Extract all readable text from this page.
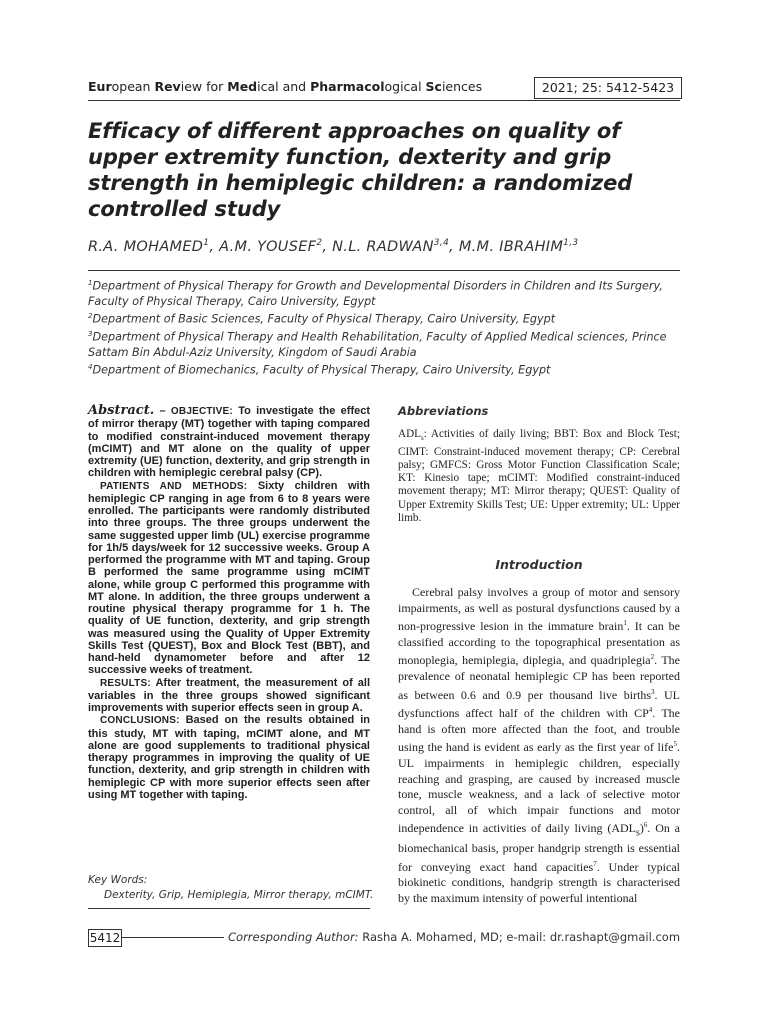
European Review for Medical and Pharmacological Sciences	2021; 25: 5412-5423
Efficacy of different approaches on quality of upper extremity function, dexterity and grip strength in hemiplegic children: a randomized controlled study
R.A. MOHAMED$^1$, A.M. YOUSEF$^2$, N.L. RADWAN$^{3,4}$, M.M. IBRAHIM$^{1,3}$

$^1$Department of Physical Therapy for Growth and Developmental Disorders in Children and Its Surgery, Faculty of Physical Therapy, Cairo University, Egypt

$^2$Department of Basic Sciences, Faculty of Physical Therapy, Cairo University, Egypt

$^3$Department of Physical Therapy and Health Rehabilitation, Faculty of Applied Medical sciences, Prince Sattam Bin Abdul-Aziz University, Kingdom of Saudi Arabia

$^4$Department of Biomechanics, Faculty of Physical Therapy, Cairo University, Egypt

Abstract. – OBJECTIVE: To investigate the effect of mirror therapy (MT) together with taping compared to modified constraint-induced movement therapy (mCIMT) and MT alone on the quality of upper extremity (UE) function, dexterity, and grip strength in children with hemiplegic cerebral palsy (CP).

PATIENTS AND METHODS: Sixty children with hemiplegic CP ranging in age from 6 to 8 years were enrolled. The participants were randomly distributed into three groups. The three groups underwent the same suggested upper limb (UL) exercise programme for 1h/5 days/week for 12 successive weeks. Group A performed the programme with MT and taping. Group B performed the same programme using mCIMT alone, while group C performed this programme with MT alone. In addition, the three groups underwent a routine physical therapy programme for 1 h. The quality of UE function, dexterity, and grip strength was measured using the Quality of Upper Extremity Skills Test (QUEST), Box and Block Test (BBT), and hand-held dynamometer before and after 12 successive weeks of treatment.

RESULTS: After treatment, the measurement of all variables in the three groups showed significant improvements with superior effects seen in group A.

CONCLUSIONS: Based on the results obtained in this study, MT with taping, mCIMT alone, and MT alone are good supplements to traditional physical therapy programmes in improving the quality of UE function, dexterity, and grip strength in children with hemiplegic CP with more superior effects seen after using MT together with taping.

Key Words:
Dexterity, Grip, Hemiplegia, Mirror therapy, mCIMT.
Abbreviations
$ADL_s$: Activities of daily living; BBT: Box and Block Test; CIMT: Constraint-induced movement therapy; CP: Cerebral palsy; GMFCS: Gross Motor Function Classification Scale; KT: Kinesio tape; mCIMT: Modified constraint-induced movement therapy; MT: Mirror therapy; QUEST: Quality of Upper Extremity Skills Test; UE: Upper extremity; UL: Upper limb.
Introduction
Cerebral palsy involves a group of motor and sensory impairments, as well as postural dysfunctions caused by a non-progressive lesion in the immature brain$^1$. It can be classified according to the topographical presentation as monoplegia, hemiplegia, diplegia, and quadriplegia$^2$. The prevalence of neonatal hemiplegic CP has been reported as between 0.6 and 0.9 per thousand live births$^3$. UL dysfunctions affect half of the children with $CP^4$. The hand is often more affected than the foot, and trouble using the hand is evident as early as the first year of life$^5$. UL impairments in hemiplegic children, especially reaching and grasping, are caused by increased muscle tone, muscle weakness, and a lack of selective motor control, all of which impair functions and motor independence in activities of daily living $(ADL_s)^6$. On a biomechanical basis, proper handgrip strength is essential for conveying exact hand capacities$^7$. Under typical biokinetic conditions, handgrip strength is characterised by the maximum intensity of powerful intentional
5412	Corresponding Author: Rasha A. Mohamed, MD; e-mail: dr.rashapt@gmail.com
